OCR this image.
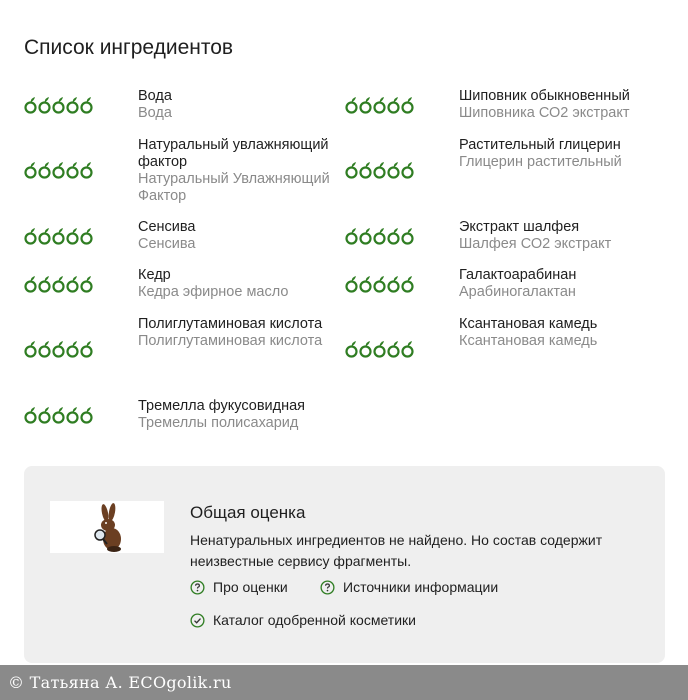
Список ингредиентов
Вода
Вода
Шиповник обыкновенный
Шиповника СО2 экстракт
Натуральный увлажняющий фактор
Натуральный Увлажняющий Фактор
Растительный глицерин
Глицерин растительный
Сенсива
Сенсива
Экстракт шалфея
Шалфея СО2 экстракт
Кедр
Кедра эфирное масло
Галактоарабинан
Арабиногалактан
Полиглутаминовая кислота
Полиглутаминовая кислота
Ксантановая камедь
Ксантановая камедь
Тремелла фукусовидная
Тремеллы полисахарид
Общая оценка
Ненатуральных ингредиентов не найдено. Но состав содержит неизвестные сервису фрагменты.
Про оценки	Источники информации
Каталог одобренной косметики
© Татьяна А. ECOgolik.ru
